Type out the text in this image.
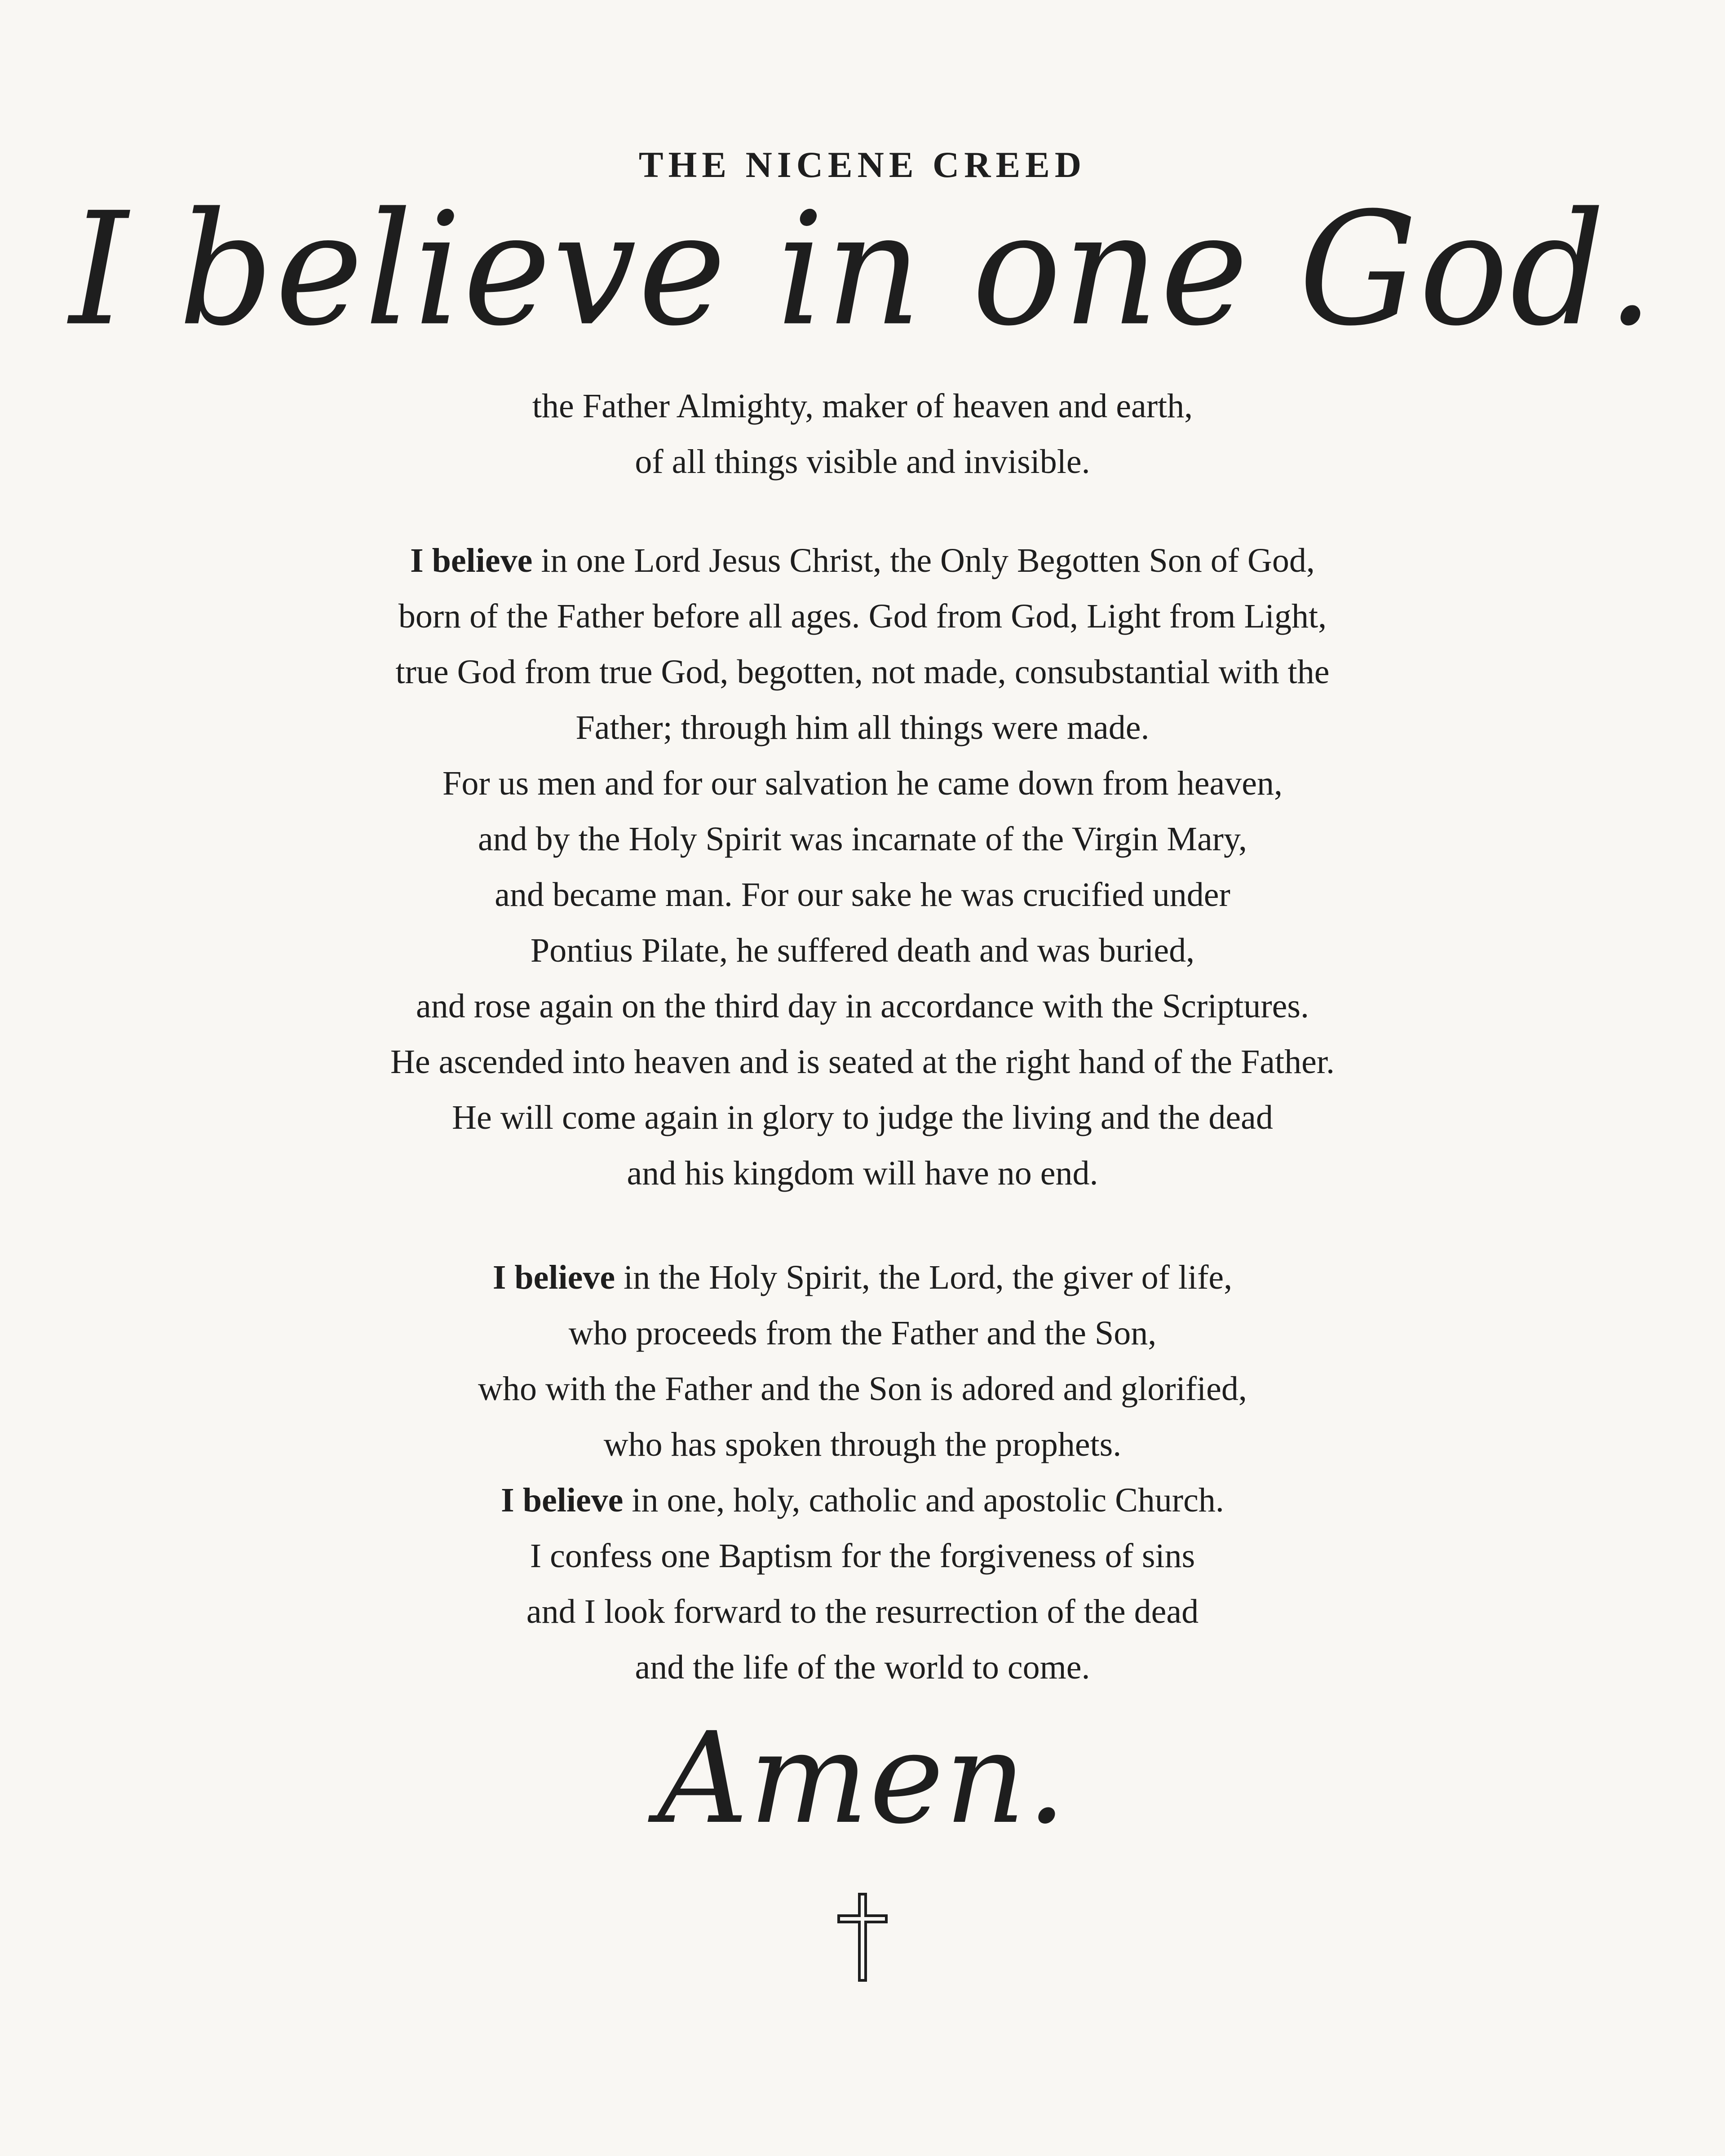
THE NICENE CREED
I believe in one God.
the Father Almighty, maker of heaven and earth,
of all things visible and invisible.
I believe in one Lord Jesus Christ, the Only Begotten Son of God,
born of the Father before all ages. God from God, Light from Light,
true God from true God, begotten, not made, consubstantial with the
Father; through him all things were made.
For us men and for our salvation he came down from heaven,
and by the Holy Spirit was incarnate of the Virgin Mary,
and became man. For our sake he was crucified under
Pontius Pilate, he suffered death and was buried,
and rose again on the third day in accordance with the Scriptures.
He ascended into heaven and is seated at the right hand of the Father.
He will come again in glory to judge the living and the dead
and his kingdom will have no end.
I believe in the Holy Spirit, the Lord, the giver of life,
who proceeds from the Father and the Son,
who with the Father and the Son is adored and glorified,
who has spoken through the prophets.
I believe in one, holy, catholic and apostolic Church.
I confess one Baptism for the forgiveness of sins
and I look forward to the resurrection of the dead
and the life of the world to come.
Amen.
